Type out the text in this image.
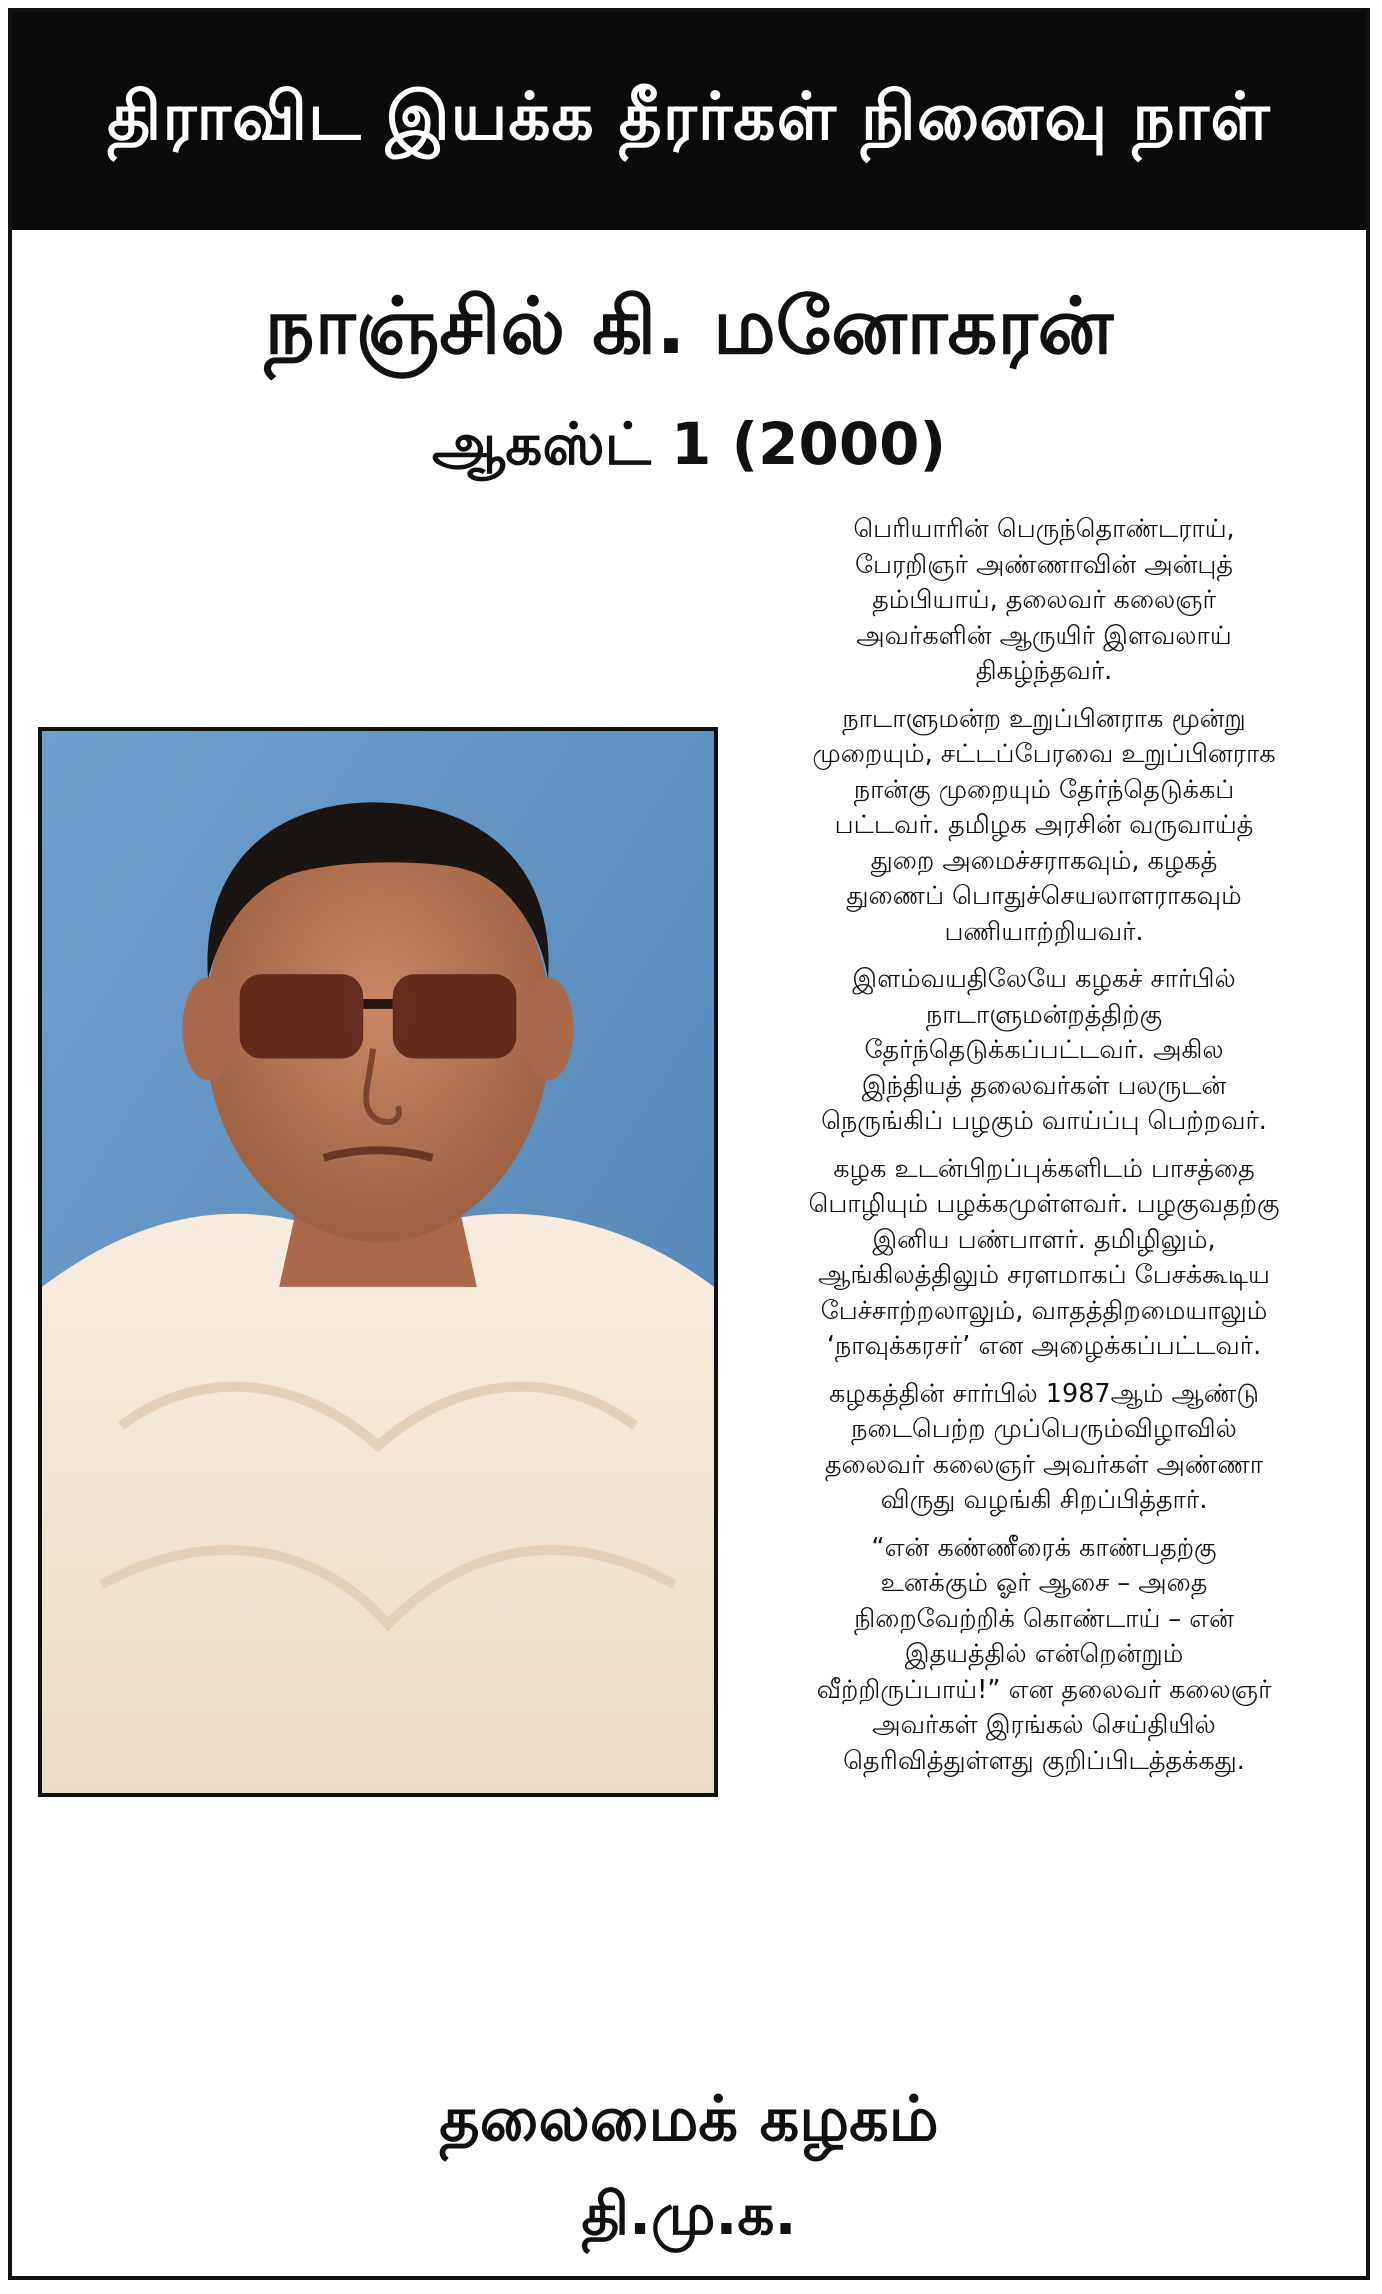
திராவிட இயக்க தீரர்கள் நினைவு நாள்
நாஞ்சில் கி. மனோகரன்
ஆகஸ்ட் 1 (2000)

பெரியாரின் பெருந்தொண்டராய்,
பேரறிஞர் அண்ணாவின் அன்புத்
தம்பியாய், தலைவர் கலைஞர்
அவர்களின் ஆருயிர் இளவலாய்
திகழ்ந்தவர்.

நாடாளுமன்ற உறுப்பினராக மூன்று
முறையும், சட்டப்பேரவை உறுப்பினராக
நான்கு முறையும் தேர்ந்தெடுக்கப்
பட்டவர். தமிழக அரசின் வருவாய்த்
துறை அமைச்சராகவும், கழகத்
துணைப் பொதுச்செயலாளராகவும்
பணியாற்றியவர்.

இளம்வயதிலேயே கழகச் சார்பில்
நாடாளுமன்றத்திற்கு
தேர்ந்தெடுக்கப்பட்டவர். அகில
இந்தியத் தலைவர்கள் பலருடன்
நெருங்கிப் பழகும் வாய்ப்பு பெற்றவர்.

கழக உடன்பிறப்புக்களிடம் பாசத்தை
பொழியும் பழக்கமுள்ளவர். பழகுவதற்கு
இனிய பண்பாளர். தமிழிலும்,
ஆங்கிலத்திலும் சரளமாகப் பேசக்கூடிய
பேச்சாற்றலாலும், வாதத்திறமையாலும்
‘நாவுக்கரசர்’ என அழைக்கப்பட்டவர்.

கழகத்தின் சார்பில் 1987ஆம் ஆண்டு
நடைபெற்ற முப்பெரும்விழாவில்
தலைவர் கலைஞர் அவர்கள் அண்ணா
விருது வழங்கி சிறப்பித்தார்.

“என் கண்ணீரைக் காண்பதற்கு
உனக்கும் ஓர் ஆசை – அதை
நிறைவேற்றிக் கொண்டாய் – என்
இதயத்தில் என்றென்றும்
வீற்றிருப்பாய்!” என தலைவர் கலைஞர்
அவர்கள் இரங்கல் செய்தியில்
தெரிவித்துள்ளது குறிப்பிடத்தக்கது.

தலைமைக் கழகம்
தி.மு.க.
